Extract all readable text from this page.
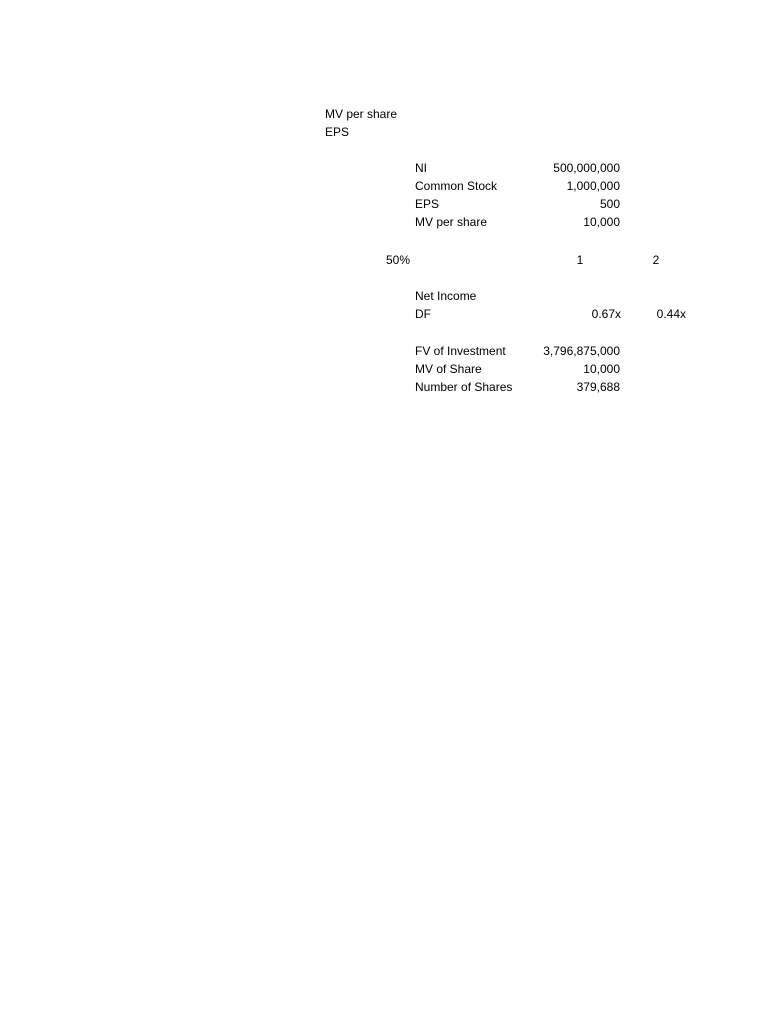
MV per share
EPS
NI	500,000,000
Common Stock	1,000,000
EPS	500
MV per share	10,000
50%	1	2
Net Income
DF	0.67x	0.44x
FV of Investment	3,796,875,000
MV of Share	10,000
Number of Shares	379,688
